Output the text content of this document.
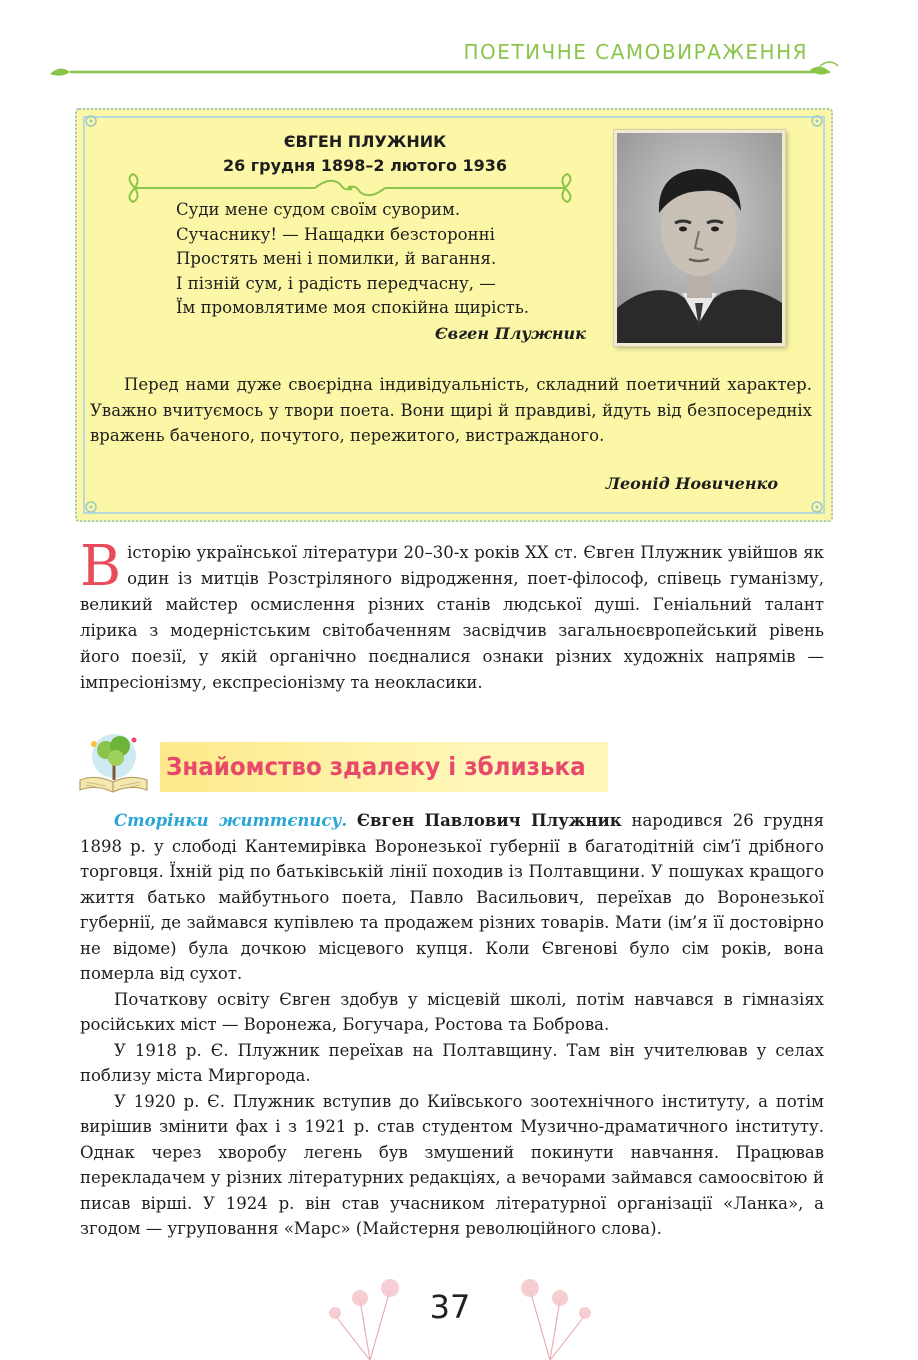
ПОЕТИЧНЕ САМОВИРАЖЕННЯ
ЄВГЕН ПЛУЖНИК
26 грудня 1898–2 лютого 1936
Суди мене судом своїм суворим.
Сучаснику! — Нащадки безсторонні
Простять мені і помилки, й вагання.
І пізній сум, і радість передчасну, —
Їм промовлятиме моя спокійна щирість.
Євген Плужник
Перед нами дуже своєрідна індивідуальність, складний поетичний характер. Уважно вчитуємось у твори поета. Вони щирі й правдиві, йдуть від безпосередніх вражень баченого, почутого, пережитого, вистражданого.
Леонід Новиченко
Вісторію української літератури 20–30-х років ХХ ст. Євген Плужник увійшов як один із митців Розстріляного відродження, поет-філософ, співець гуманізму, великий майстер осмислення різних станів людської душі. Геніальний талант лірика з модерністським світобаченням засвідчив загальноєвропейський рівень його поезії, у якій органічно поєдналися ознаки різних художніх напрямів — імпресіонізму, експресіонізму та неокласики.
Знайомство здалеку і зблизька

Сторінки життєпису. Євген Павлович Плужник народився 26 грудня 1898 р. у слободі Кантемирівка Воронезької губернії в багатодітній сім’ї дрібного торговця. Їхній рід по батьківській лінії походив із Полтавщини. У пошуках кращого життя батько майбутнього поета, Павло Васильович, переїхав до Воронезької губернії, де займався купівлею та продажем різних товарів. Мати (ім’я її достовірно не відоме) була дочкою місцевого купця. Коли Євгенові було сім років, вона померла від сухот.

Початкову освіту Євген здобув у місцевій школі, потім навчався в гімназіях російських міст — Воронежа, Богучара, Ростова та Боброва.

У 1918 р. Є. Плужник переїхав на Полтавщину. Там він учителював у селах поблизу міста Миргорода.

У 1920 р. Є. Плужник вступив до Київського зоотехнічного інституту, а потім вирішив змінити фах і з 1921 р. став студентом Музично-драматичного інституту. Однак через хворобу легень був змушений покинути навчання. Працював перекладачем у різних літературних редакціях, а вечорами займався самоосвітою й писав вірші. У 1924 р. він став учасником літературної організації «Ланка», а згодом — угруповання «Марс» (Майстерня революційного слова).

37
